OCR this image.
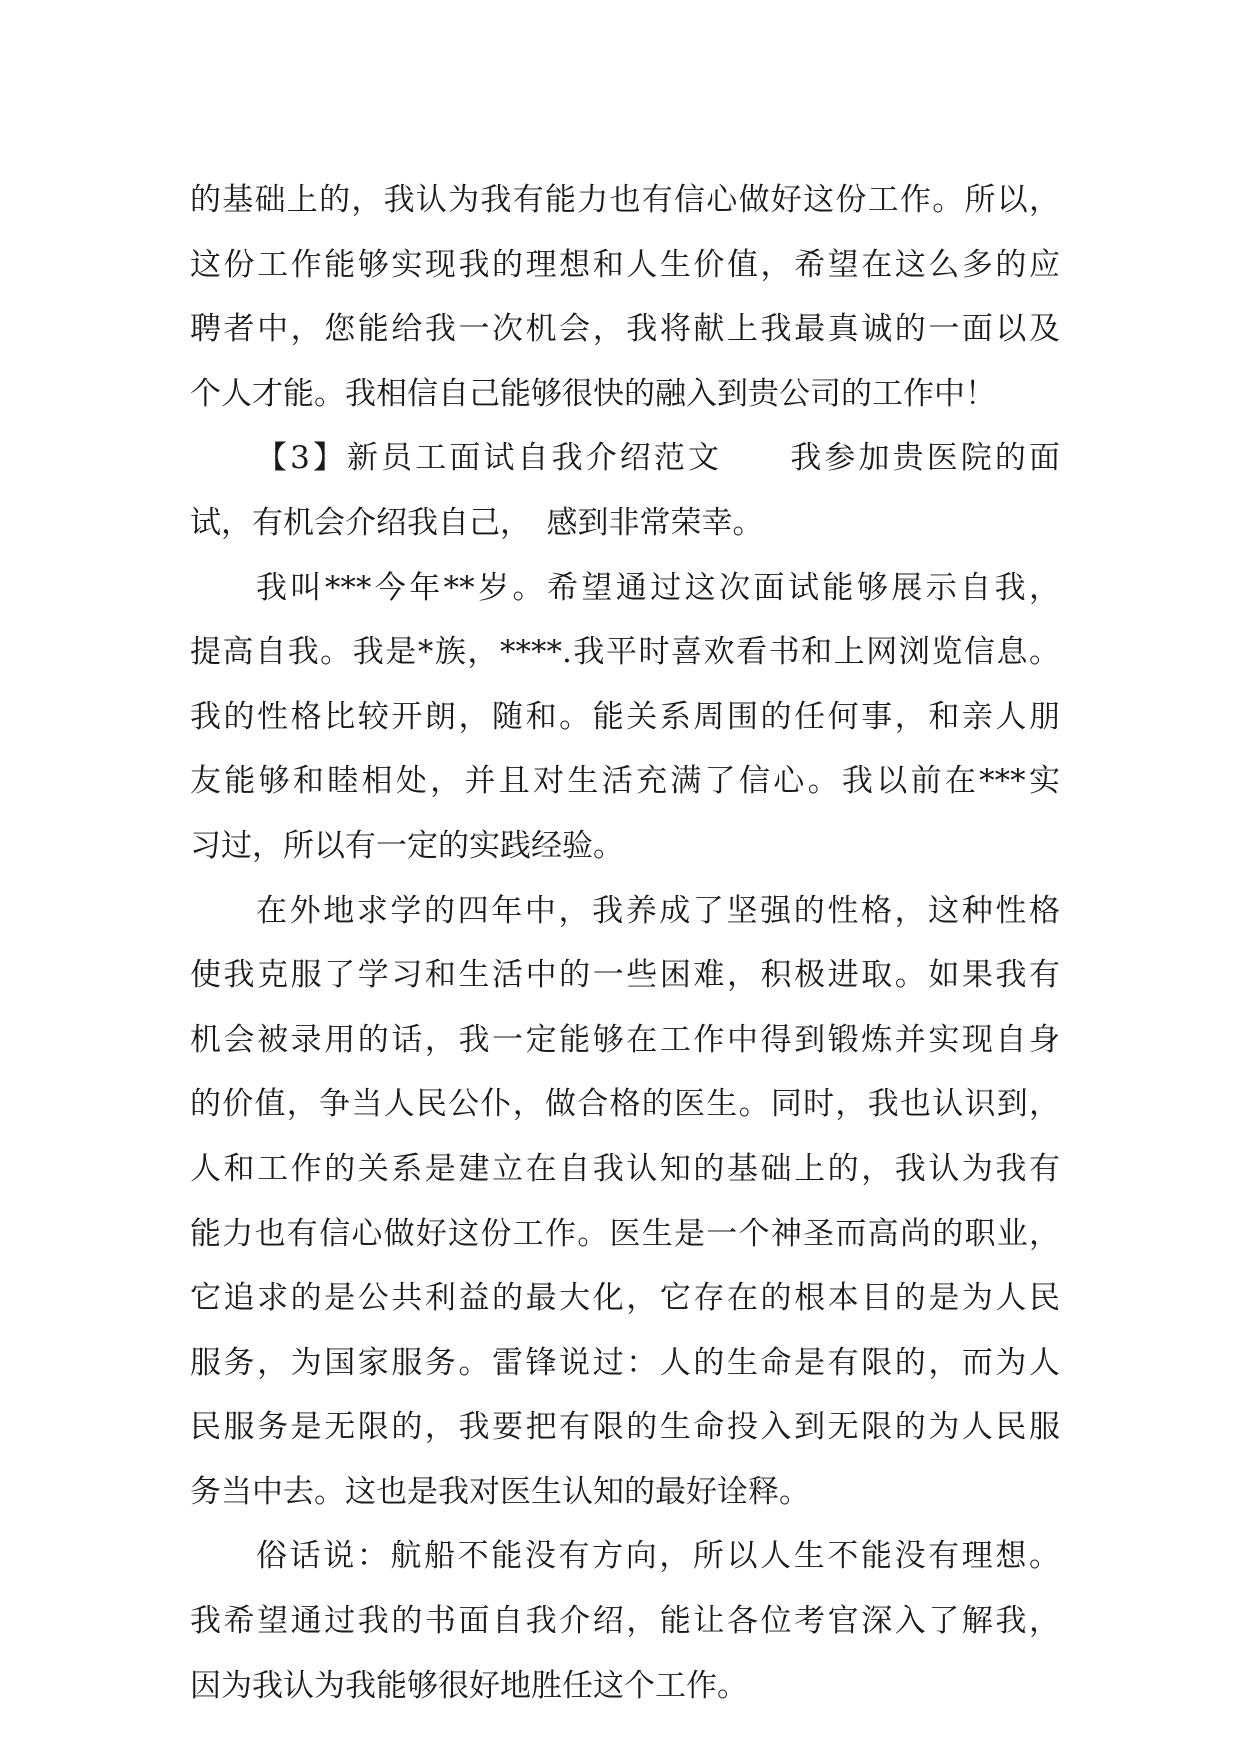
的基础上的，我认为我有能力也有信心做好这份工作。所以，
这份工作能够实现我的理想和人生价值，希望在这么多的应
聘者中，您能给我一次机会，我将献上我最真诚的一面以及
个人才能。我相信自己能够很快的融入到贵公司的工作中！
【3】新员工面试自我介绍范文　　我参加贵医院的面
试，有机会介绍我自己，　感到非常荣幸。
我叫***今年**岁。希望通过这次面试能够展示自我，
提高自我。我是*族，****.我平时喜欢看书和上网浏览信息。
我的性格比较开朗，随和。能关系周围的任何事，和亲人朋
友能够和睦相处，并且对生活充满了信心。我以前在***实
习过，所以有一定的实践经验。
在外地求学的四年中，我养成了坚强的性格，这种性格
使我克服了学习和生活中的一些困难，积极进取。如果我有
机会被录用的话，我一定能够在工作中得到锻炼并实现自身
的价值，争当人民公仆，做合格的医生。同时，我也认识到，
人和工作的关系是建立在自我认知的基础上的，我认为我有
能力也有信心做好这份工作。医生是一个神圣而高尚的职业，
它追求的是公共利益的最大化，它存在的根本目的是为人民
服务，为国家服务。雷锋说过：人的生命是有限的，而为人
民服务是无限的，我要把有限的生命投入到无限的为人民服
务当中去。这也是我对医生认知的最好诠释。
俗话说：航船不能没有方向，所以人生不能没有理想。
我希望通过我的书面自我介绍，能让各位考官深入了解我，
因为我认为我能够很好地胜任这个工作。
